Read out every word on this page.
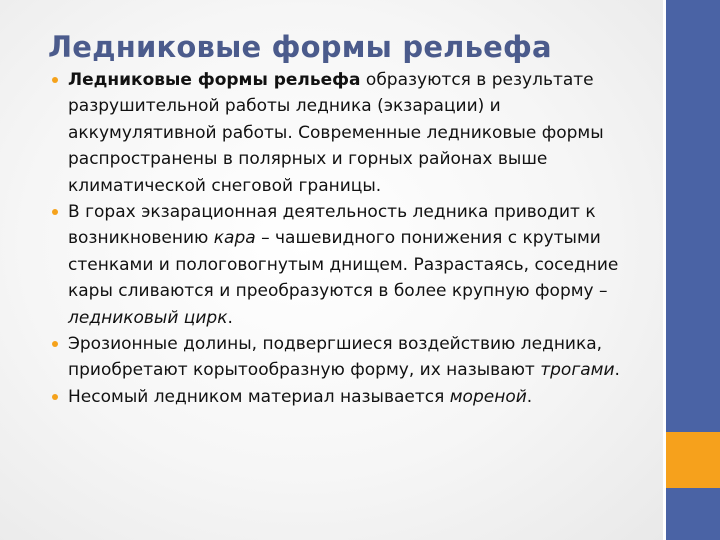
Ледниковые формы рельефа
Ледниковые формы рельефа образуются в результате разрушительной работы ледника (экзарации) и аккумулятивной работы. Современные ледниковые формы распространены в полярных и горных районах выше климатической снеговой границы.
В горах экзарационная деятельность ледника приводит к возникновению кара – чашевидного понижения с крутыми стенками и пологовогнутым днищем. Разрастаясь, соседние кары сливаются и преобразуются в более крупную форму – ледниковый цирк.
Эрозионные долины, подвергшиеся воздействию ледника, приобретают корытообразную форму, их называют трогами.
Несомый ледником материал называется мореной.
